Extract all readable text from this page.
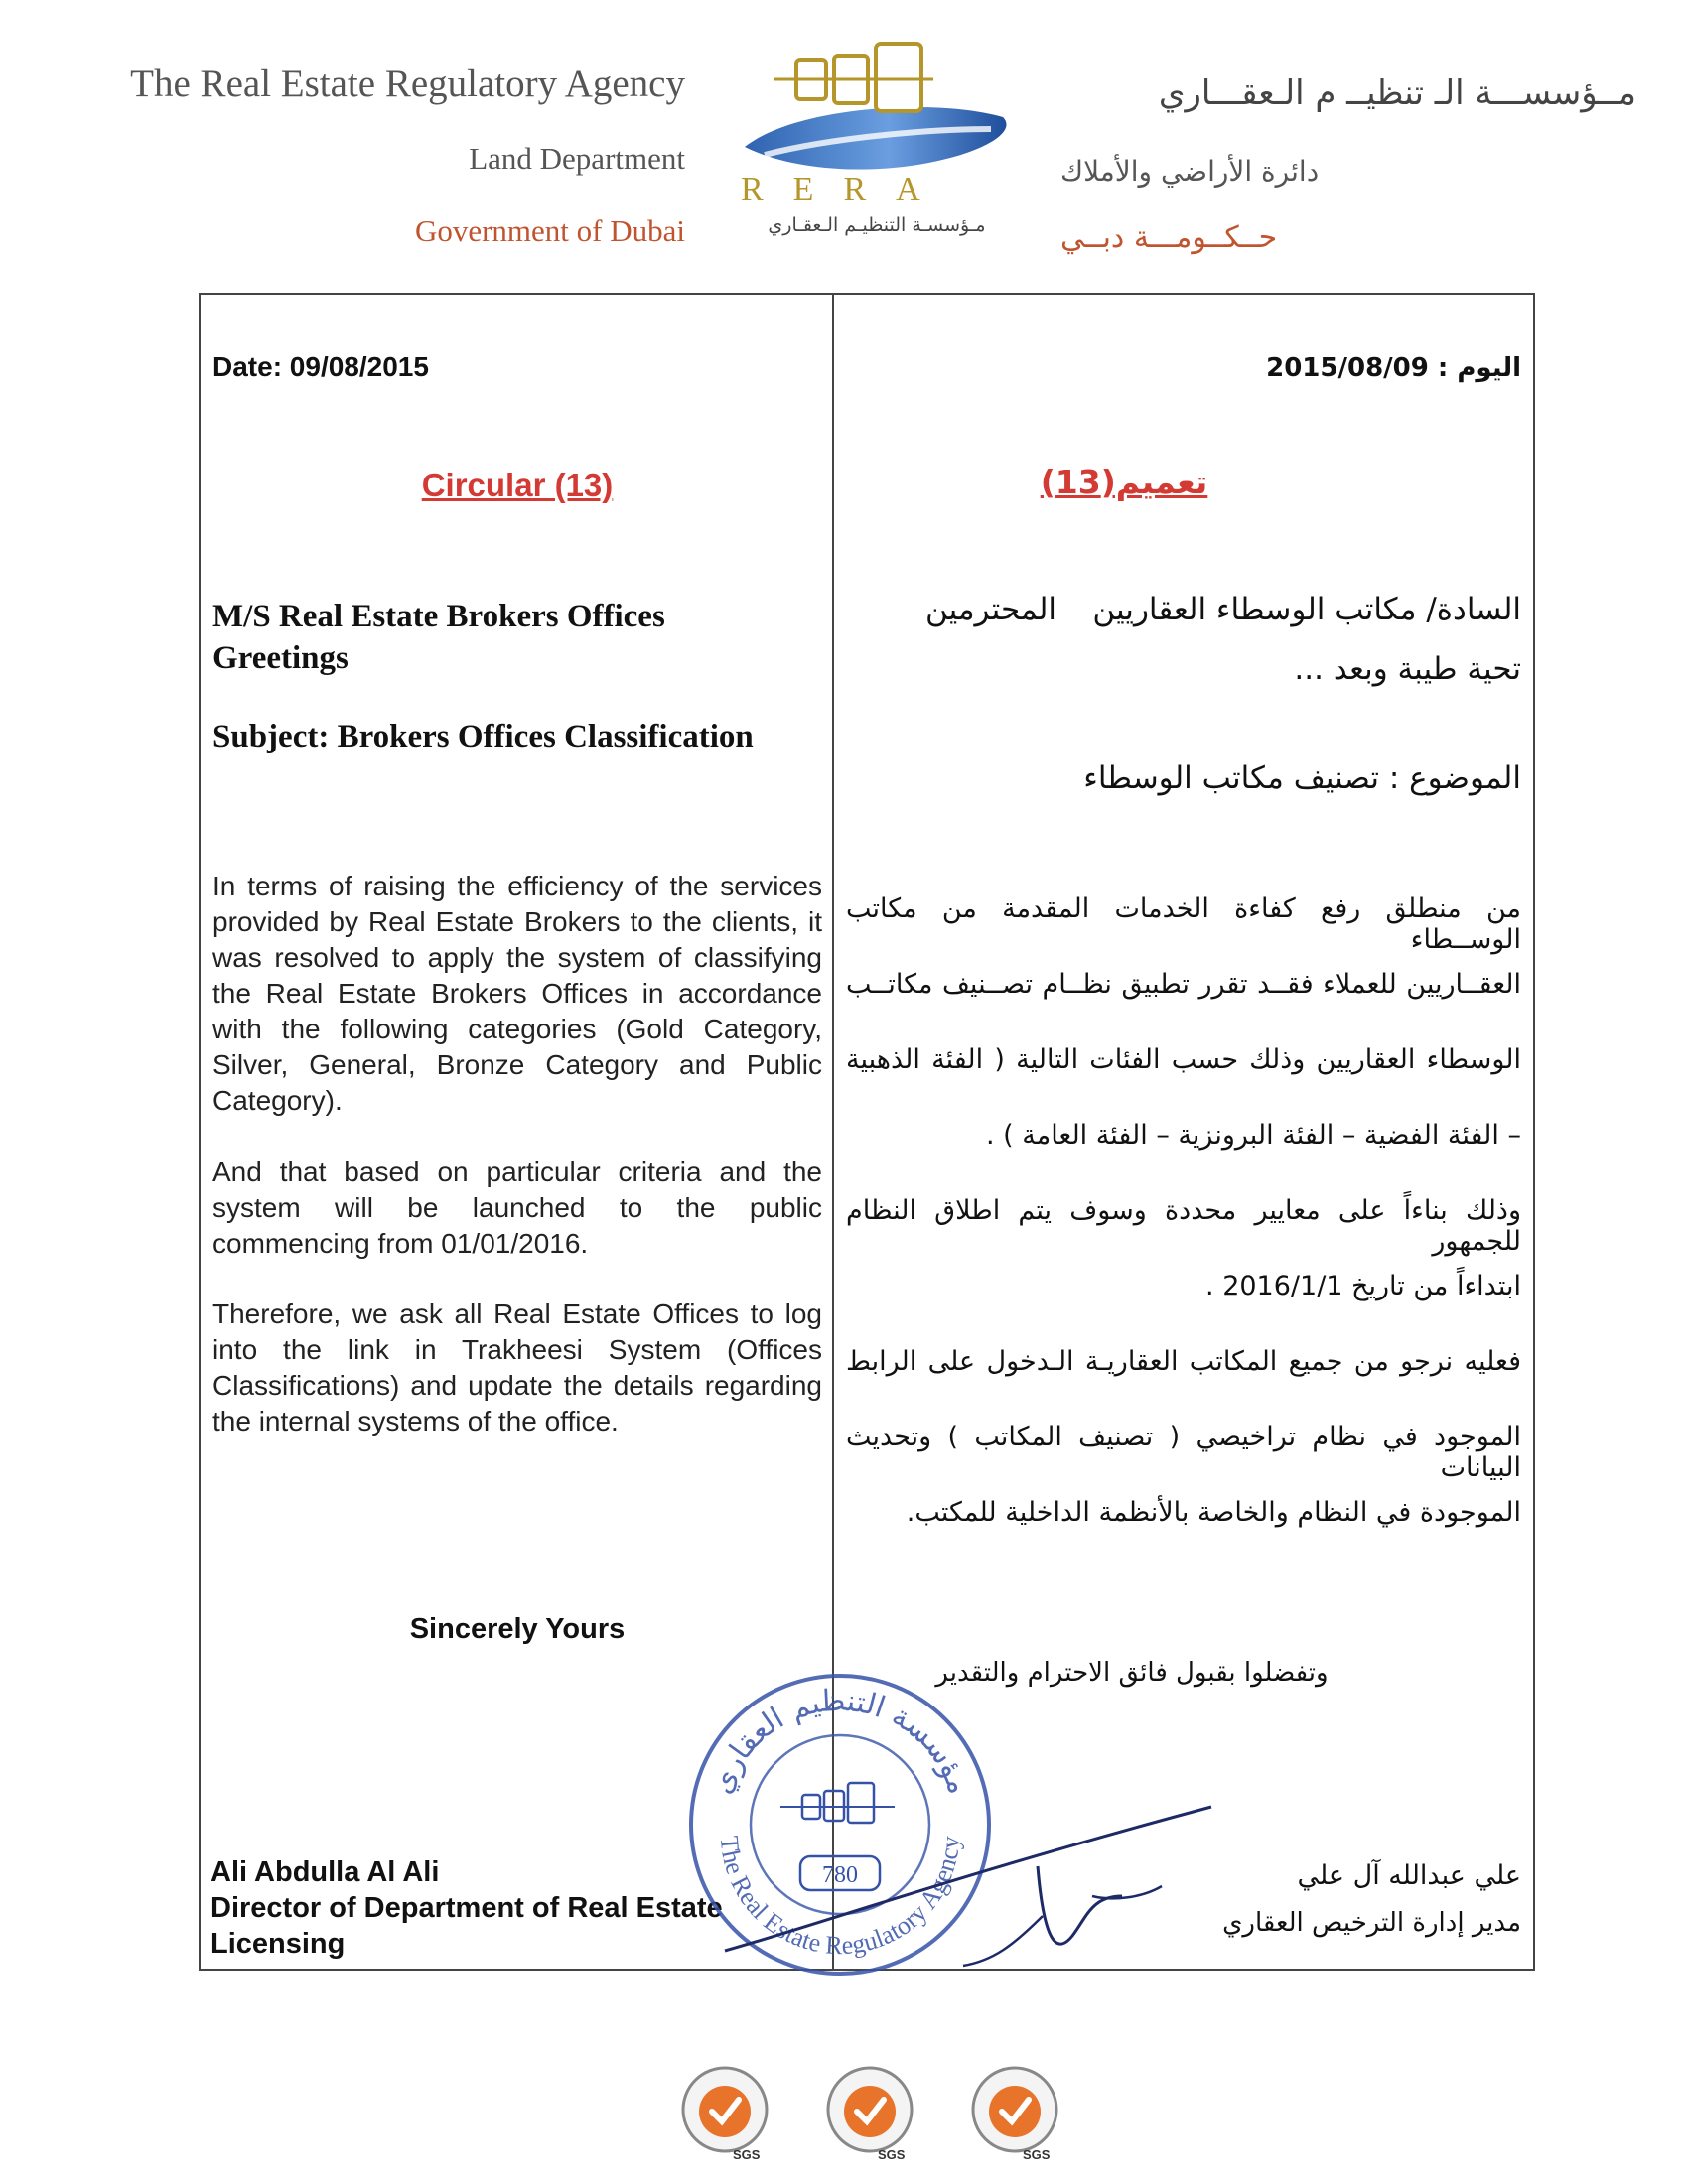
The Real Estate Regulatory Agency
Land Department
Government of Dubai
RERA
مـؤسسـة التنظيـم الـعقـاري
مــؤسســـة الـ تنظيــ م الـعقـــاري
دائرة الأراضي والأملاك
حــكــومـــة دبــي
Date: 09/08/2015
Circular (13)
M/S Real Estate Brokers Offices
Greetings
Subject: Brokers Offices Classification
In terms of raising the efficiency of the services provided by Real Estate Brokers to the clients, it was resolved to apply the system of classifying the Real Estate Brokers Offices in accordance with the following categories (Gold Category, Silver, General, Bronze Category and Public Category).
And that based on particular criteria and the system will be launched to the public commencing from 01/01/2016.
Therefore, we ask all Real Estate Offices to log into the link in Trakheesi System (Offices Classifications) and update the details regarding the internal systems of the office.
Sincerely Yours
Ali Abdulla Al Ali
Director of Department of Real Estate
Licensing
اليوم : 2015/08/09
تعميم(13)
السادة/ مكاتب الوسطاء العقاريين
المحترمين
تحية طيبة وبعد ...
الموضوع : تصنيف مكاتب الوسطاء
من منطلق رفع كفاءة الخدمات المقدمة من مكاتب الوســطاء
العقــاريين للعملاء فقــد تقرر تطبيق نظــام تصــنيف مكاتــب
الوسطاء العقاريين وذلك حسب الفئات التالية ( الفئة الذهبية
– الفئة الفضية – الفئة البرونزية – الفئة العامة ) .
وذلك بناءاً على معايير محددة وسوف يتم اطلاق النظام للجمهور
ابتداءاً من تاريخ 2016/1/1 .
فعليه نرجو من جميع المكاتب العقاريـة الـدخول على الرابط
الموجود في نظام تراخيصي ( تصنيف المكاتب ) وتحديث البيانات
الموجودة في النظام والخاصة بالأنظمة الداخلية للمكتب.
وتفضلوا بقبول فائق الاحترام والتقدير
علي عبدالله آل علي
مدير إدارة الترخيص العقاري
مؤسسة التنظيم العقاري
The Real Estate Regulatory Agency
780
SGS	SGS	SGS
